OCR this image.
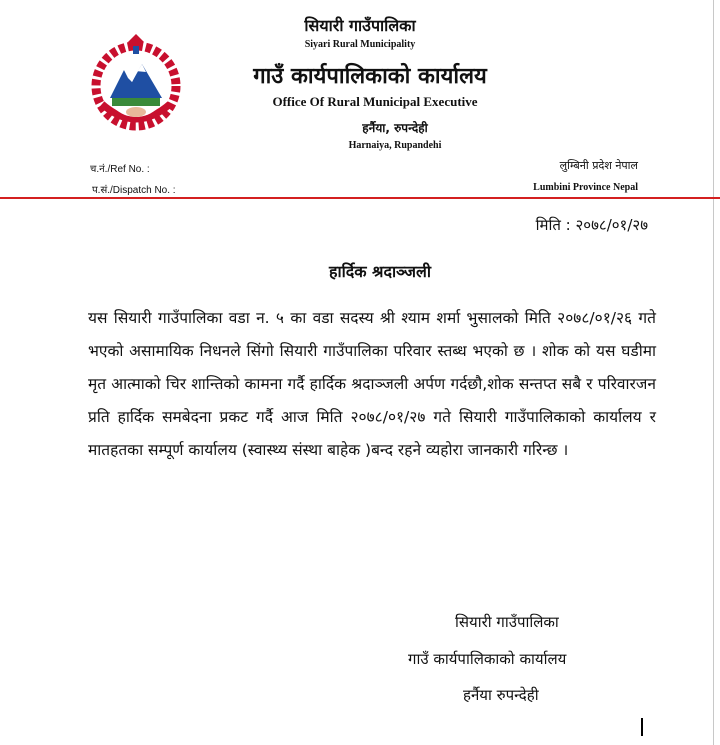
सियारी गाउँपालिका
Siyari Rural Municipality
गाउँ कार्यपालिकाको कार्यालय
Office Of Rural Municipal Executive
हर्नैया, रुपन्देही
Harnaiya, Rupandehi
च.नं./Ref No. :
प.सं./Dispatch No. :
लुम्बिनी प्रदेश नेपाल
Lumbini Province Nepal
मिति : २०७८/०१/२७
हार्दिक श्रदाञ्जली
यस सियारी गाउँपालिका वडा न. ५ का वडा सदस्य श्री श्याम शर्मा भुसालको मिति २०७८/०१/२६ गते भएको असामायिक निधनले सिंगो सियारी गाउँपालिका परिवार स्तब्ध भएको छ । शोक को यस घडीमा मृत आत्माको चिर शान्तिको कामना गर्दै हार्दिक श्रदाञ्जली अर्पण गर्दछौ,शोक सन्तप्त सबै र परिवारजन प्रति हार्दिक समबेदना प्रकट गर्दै आज मिति २०७८/०१/२७ गते सियारी गाउँपालिकाको कार्यालय र मातहतका सम्पूर्ण कार्यालय (स्वास्थ्य संस्था बाहेक )बन्द रहने व्यहोरा जानकारी गरिन्छ ।
सियारी गाउँपालिका
गाउँ कार्यपालिकाको कार्यालय
हर्नैया रुपन्देही
